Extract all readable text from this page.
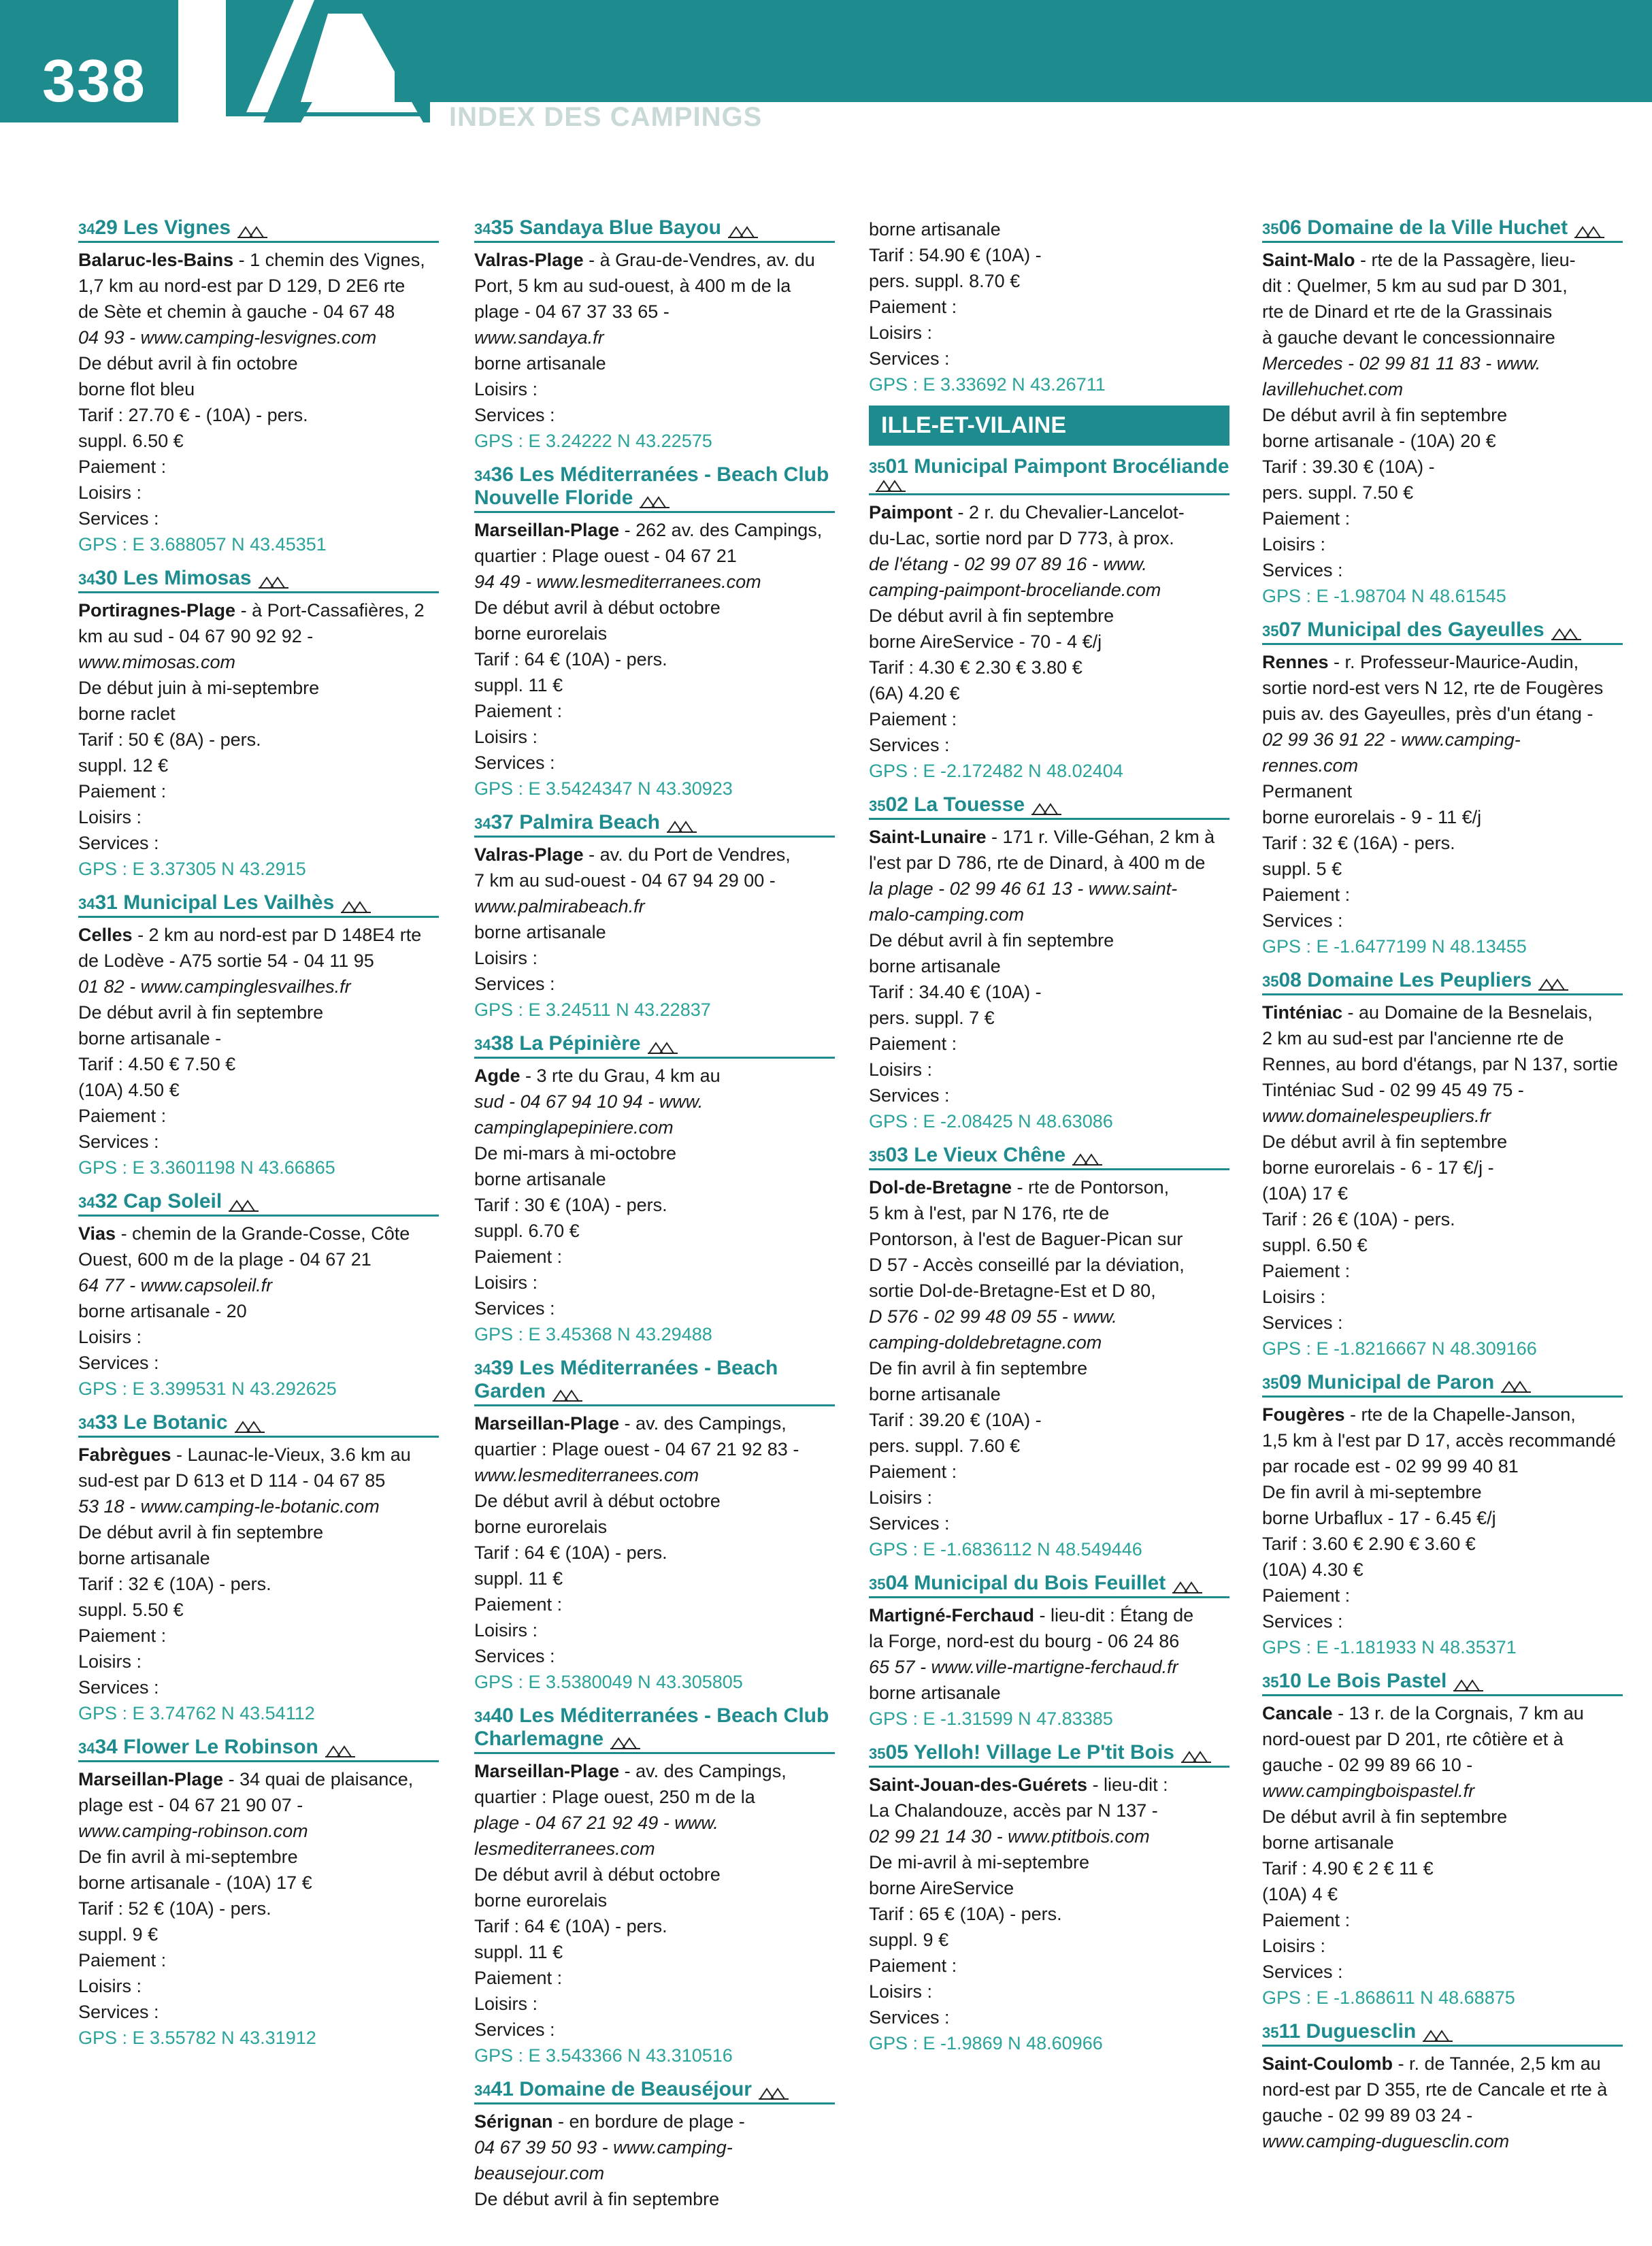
338
INDEX DES CAMPINGS
3429 Les Vignes
Balaruc-les-Bains - 1 chemin des Vignes,
1,7 km au nord-est par D 129, D 2E6 rte
de Sète et chemin à gauche - 04 67 48
04 93 - www.camping-lesvignes.com
De début avril à fin octobre
borne flot bleu
Tarif : 27.70 € - (10A) - pers.
suppl. 6.50 €
Paiement :
Loisirs :
Services :
GPS : E 3.688057 N 43.45351
3430 Les Mimosas
Portiragnes-Plage - à Port-Cassafières, 2
km au sud - 04 67 90 92 92 -
www.mimosas.com
De début juin à mi-septembre
borne raclet
Tarif : 50 € (8A) - pers.
suppl. 12 €
Paiement :
Loisirs :
Services :
GPS : E 3.37305 N 43.2915
3431 Municipal Les Vailhès
Celles - 2 km au nord-est par D 148E4 rte
de Lodève - A75 sortie 54 - 04 11 95
01 82 - www.campinglesvailhes.fr
De début avril à fin septembre
borne artisanale -
Tarif : 4.50 € 7.50 €
(10A) 4.50 €
Paiement :
Services :
GPS : E 3.3601198 N 43.66865
3432 Cap Soleil
Vias - chemin de la Grande-Cosse, Côte
Ouest, 600 m de la plage - 04 67 21
64 77 - www.capsoleil.fr
borne artisanale - 20
Loisirs :
Services :
GPS : E 3.399531 N 43.292625
3433 Le Botanic
Fabrègues - Launac-le-Vieux, 3.6 km au
sud-est par D 613 et D 114 - 04 67 85
53 18 - www.camping-le-botanic.com
De début avril à fin septembre
borne artisanale
Tarif : 32 € (10A) - pers.
suppl. 5.50 €
Paiement :
Loisirs :
Services :
GPS : E 3.74762 N 43.54112
3434 Flower Le Robinson
Marseillan-Plage - 34 quai de plaisance,
plage est - 04 67 21 90 07 -
www.camping-robinson.com
De fin avril à mi-septembre
borne artisanale - (10A) 17 €
Tarif : 52 € (10A) - pers.
suppl. 9 €
Paiement :
Loisirs :
Services :
GPS : E 3.55782 N 43.31912
3435 Sandaya Blue Bayou
Valras-Plage - à Grau-de-Vendres, av. du
Port, 5 km au sud-ouest, à 400 m de la
plage - 04 67 37 33 65 -
www.sandaya.fr
borne artisanale
Loisirs :
Services :
GPS : E 3.24222 N 43.22575
3436 Les Méditerranées - Beach Club Nouvelle Floride
Marseillan-Plage - 262 av. des Campings,
quartier : Plage ouest - 04 67 21
94 49 - www.lesmediterranees.com
De début avril à début octobre
borne eurorelais
Tarif : 64 € (10A) - pers.
suppl. 11 €
Paiement :
Loisirs :
Services :
GPS : E 3.5424347 N 43.30923
3437 Palmira Beach
Valras-Plage - av. du Port de Vendres,
7 km au sud-ouest - 04 67 94 29 00 -
www.palmirabeach.fr
borne artisanale
Loisirs :
Services :
GPS : E 3.24511 N 43.22837
3438 La Pépinière
Agde - 3 rte du Grau, 4 km au
sud - 04 67 94 10 94 - www.
campinglapepiniere.com
De mi-mars à mi-octobre
borne artisanale
Tarif : 30 € (10A) - pers.
suppl. 6.70 €
Paiement :
Loisirs :
Services :
GPS : E 3.45368 N 43.29488
3439 Les Méditerranées - Beach Garden
Marseillan-Plage - av. des Campings,
quartier : Plage ouest - 04 67 21 92 83 -
www.lesmediterranees.com
De début avril à début octobre
borne eurorelais
Tarif : 64 € (10A) - pers.
suppl. 11 €
Paiement :
Loisirs :
Services :
GPS : E 3.5380049 N 43.305805
3440 Les Méditerranées - Beach Club Charlemagne
Marseillan-Plage - av. des Campings,
quartier : Plage ouest, 250 m de la
plage - 04 67 21 92 49 - www.
lesmediterranees.com
De début avril à début octobre
borne eurorelais
Tarif : 64 € (10A) - pers.
suppl. 11 €
Paiement :
Loisirs :
Services :
GPS : E 3.543366 N 43.310516
3441 Domaine de Beauséjour
Sérignan - en bordure de plage -
04 67 39 50 93 - www.camping-
beausejour.com
De début avril à fin septembre
borne artisanale
Tarif : 54.90 € (10A) -
pers. suppl. 8.70 €
Paiement :
Loisirs :
Services :
GPS : E 3.33692 N 43.26711
ILLE-ET-VILAINE
3501 Municipal Paimpont Brocéliande
Paimpont - 2 r. du Chevalier-Lancelot-
du-Lac, sortie nord par D 773, à prox.
de l'étang - 02 99 07 89 16 - www.
camping-paimpont-broceliande.com
De début avril à fin septembre
borne AireService - 70 - 4 €/j
Tarif : 4.30 € 2.30 € 3.80 €
(6A) 4.20 €
Paiement :
Services :
GPS : E -2.172482 N 48.02404
3502 La Touesse
Saint-Lunaire - 171 r. Ville-Géhan, 2 km à
l'est par D 786, rte de Dinard, à 400 m de
la plage - 02 99 46 61 13 - www.saint-
malo-camping.com
De début avril à fin septembre
borne artisanale
Tarif : 34.40 € (10A) -
pers. suppl. 7 €
Paiement :
Loisirs :
Services :
GPS : E -2.08425 N 48.63086
3503 Le Vieux Chêne
Dol-de-Bretagne - rte de Pontorson,
5 km à l'est, par N 176, rte de
Pontorson, à l'est de Baguer-Pican sur
D 57 - Accès conseillé par la déviation,
sortie Dol-de-Bretagne-Est et D 80,
D 576 - 02 99 48 09 55 - www.
camping-doldebretagne.com
De fin avril à fin septembre
borne artisanale
Tarif : 39.20 € (10A) -
pers. suppl. 7.60 €
Paiement :
Loisirs :
Services :
GPS : E -1.6836112 N 48.549446
3504 Municipal du Bois Feuillet
Martigné-Ferchaud - lieu-dit : Étang de
la Forge, nord-est du bourg - 06 24 86
65 57 - www.ville-martigne-ferchaud.fr
borne artisanale
GPS : E -1.31599 N 47.83385
3505 Yelloh! Village Le P'tit Bois
Saint-Jouan-des-Guérets - lieu-dit :
La Chalandouze, accès par N 137 -
02 99 21 14 30 - www.ptitbois.com
De mi-avril à mi-septembre
borne AireService
Tarif : 65 € (10A) - pers.
suppl. 9 €
Paiement :
Loisirs :
Services :
GPS : E -1.9869 N 48.60966
3506 Domaine de la Ville Huchet
Saint-Malo - rte de la Passagère, lieu-
dit : Quelmer, 5 km au sud par D 301,
rte de Dinard et rte de la Grassinais
à gauche devant le concessionnaire
Mercedes - 02 99 81 11 83 - www.
lavillehuchet.com
De début avril à fin septembre
borne artisanale - (10A) 20 €
Tarif : 39.30 € (10A) -
pers. suppl. 7.50 €
Paiement :
Loisirs :
Services :
GPS : E -1.98704 N 48.61545
3507 Municipal des Gayeulles
Rennes - r. Professeur-Maurice-Audin,
sortie nord-est vers N 12, rte de Fougères
puis av. des Gayeulles, près d'un étang -
02 99 36 91 22 - www.camping-
rennes.com
Permanent
borne eurorelais - 9 - 11 €/j
Tarif : 32 € (16A) - pers.
suppl. 5 €
Paiement :
Services :
GPS : E -1.6477199 N 48.13455
3508 Domaine Les Peupliers
Tinténiac - au Domaine de la Besnelais,
2 km au sud-est par l'ancienne rte de
Rennes, au bord d'étangs, par N 137, sortie
Tinténiac Sud - 02 99 45 49 75 -
www.domainelespeupliers.fr
De début avril à fin septembre
borne eurorelais - 6 - 17 €/j -
(10A) 17 €
Tarif : 26 € (10A) - pers.
suppl. 6.50 €
Paiement :
Loisirs :
Services :
GPS : E -1.8216667 N 48.309166
3509 Municipal de Paron
Fougères - rte de la Chapelle-Janson,
1,5 km à l'est par D 17, accès recommandé
par rocade est - 02 99 99 40 81
De fin avril à mi-septembre
borne Urbaflux - 17 - 6.45 €/j
Tarif : 3.60 € 2.90 € 3.60 €
(10A) 4.30 €
Paiement :
Services :
GPS : E -1.181933 N 48.35371
3510 Le Bois Pastel
Cancale - 13 r. de la Corgnais, 7 km au
nord-ouest par D 201, rte côtière et à
gauche - 02 99 89 66 10 -
www.campingboispastel.fr
De début avril à fin septembre
borne artisanale
Tarif : 4.90 € 2 € 11 €
(10A) 4 €
Paiement :
Loisirs :
Services :
GPS : E -1.868611 N 48.68875
3511 Duguesclin
Saint-Coulomb - r. de Tannée, 2,5 km au
nord-est par D 355, rte de Cancale et rte à
gauche - 02 99 89 03 24 -
www.camping-duguesclin.com
